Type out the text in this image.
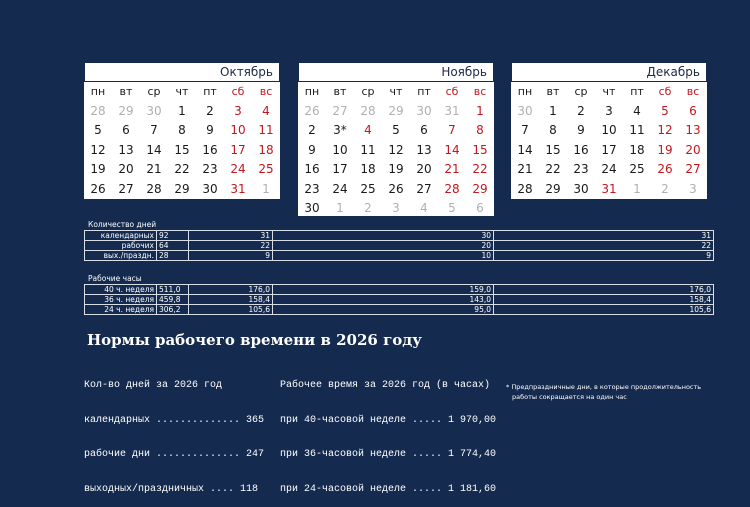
Октябрь
пн	вт	ср	чт	пт	сб	вс
28	29	30	1	2	3	4
5	6	7	8	9	10	11
12	13	14	15	16	17	18
19	20	21	22	23	24	25
26	27	28	29	30	31	1
Ноябрь
пн	вт	ср	чт	пт	сб	вс
26	27	28	29	30	31	1
2	3*	4	5	6	7	8
9	10	11	12	13	14	15
16	17	18	19	20	21	22
23	24	25	26	27	28	29
30	1	2	3	4	5	6
Декабрь
пн	вт	ср	чт	пт	сб	вс
30	1	2	3	4	5	6
7	8	9	10	11	12	13
14	15	16	17	18	19	20
21	22	23	24	25	26	27
28	29	30	31	1	2	3
Количество дней
календарных	92	31	30	31
рабочих	64	22	20	22
вых./праздн.	28	9	10	9
Рабочие часы
40 ч. неделя	511,0	176,0	159,0	176,0
36 ч. неделя	459,8	158,4	143,0	158,4
24 ч. неделя	306,2	105,6	95,0	105,6
Нормы рабочего времени в 2026 году

Кол-во дней за 2026 год

календарных .............. 365

рабочие дни .............. 247

выходных/праздничных .... 118

Рабочее время за 2026 год (в часах)

при 40-часовой неделе ..... 1 970,00

при 36-часовой неделе ..... 1 774,40

при 24-часовой неделе ..... 1 181,60

* Предпраздничные дни, в которые продолжительность
работы сокращается на один час
